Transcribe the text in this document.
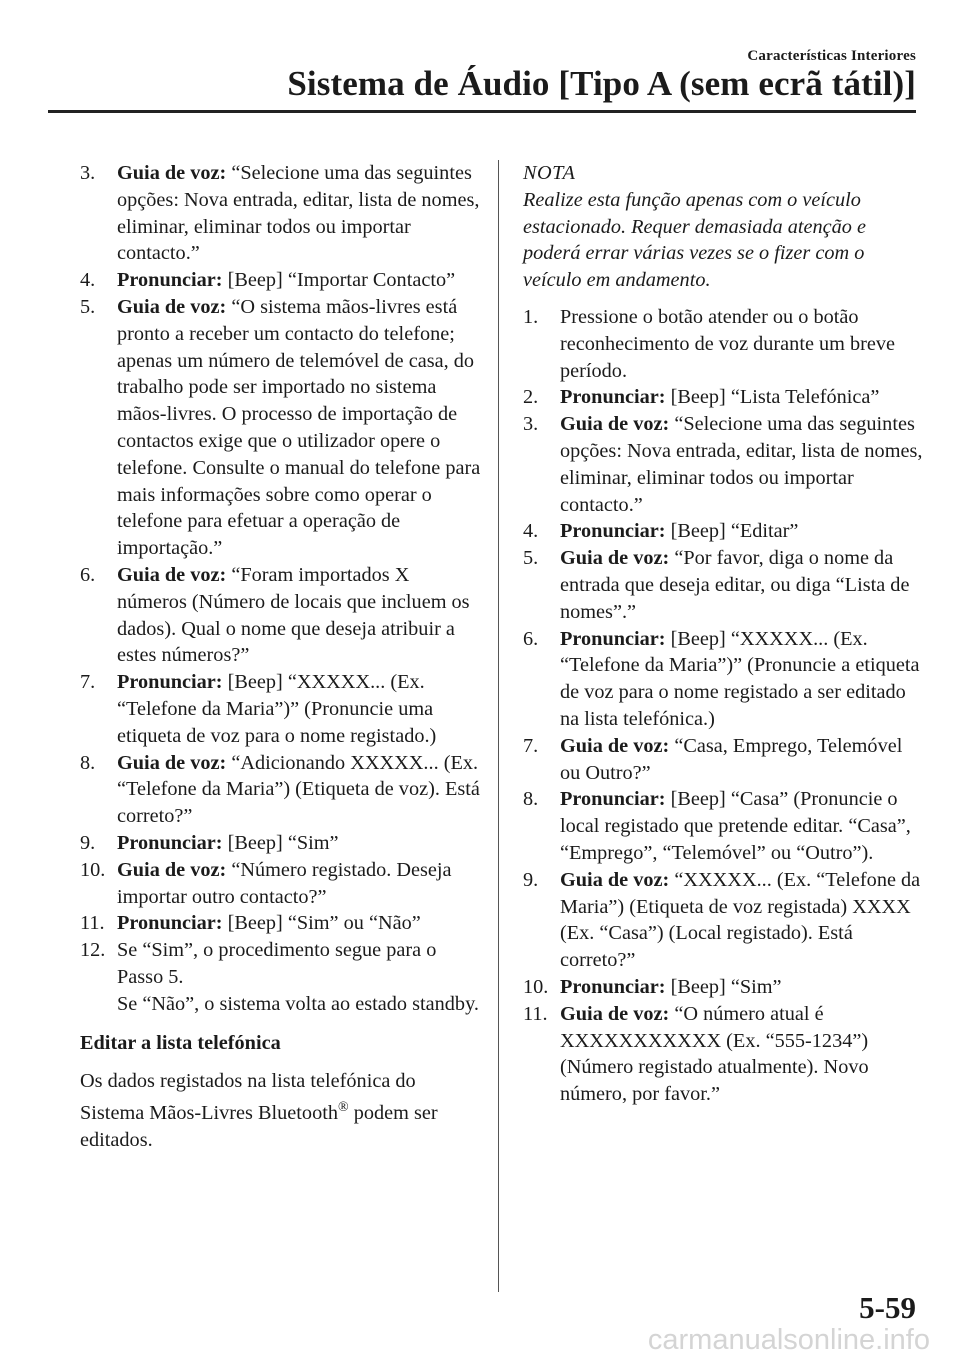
Características Interiores
Sistema de Áudio [Tipo A (sem ecrã tátil)]
3.	Guia de voz: “Selecione uma das seguintes opções: Nova entrada, editar, lista de nomes, eliminar, eliminar todos ou importar contacto.”
4.	Pronunciar: [Beep] “Importar Contacto”
5.	Guia de voz: “O sistema mãos-livres está pronto a receber um contacto do telefone; apenas um número de telemóvel de casa, do trabalho pode ser importado no sistema mãos-livres. O processo de importação de contactos exige que o utilizador opere o telefone. Consulte o manual do telefone para mais informações sobre como operar o telefone para efetuar a operação de importação.”
6.	Guia de voz: “Foram importados X números (Número de locais que incluem os dados). Qual o nome que deseja atribuir a estes números?”
7.	Pronunciar: [Beep] “XXXXX... (Ex. “Telefone da Maria”)” (Pronuncie uma etiqueta de voz para o nome registado.)
8.	Guia de voz: “Adicionando XXXXX... (Ex. “Telefone da Maria”) (Etiqueta de voz). Está correto?”
9.	Pronunciar: [Beep] “Sim”
10. Guia de voz: “Número registado. Deseja importar outro contacto?”
11. Pronunciar: [Beep] “Sim” ou “Não”
12. Se “Sim”, o procedimento segue para o Passo 5.
Se “Não”, o sistema volta ao estado standby.
Editar a lista telefónica
Os dados registados na lista telefónica do Sistema Mãos-Livres Bluetooth® podem ser editados.
NOTA
Realize esta função apenas com o veículo estacionado. Requer demasiada atenção e poderá errar várias vezes se o fizer com o veículo em andamento.
1.	Pressione o botão atender ou o botão reconhecimento de voz durante um breve período.
2.	Pronunciar: [Beep] “Lista Telefónica”
3.	Guia de voz: “Selecione uma das seguintes opções: Nova entrada, editar, lista de nomes, eliminar, eliminar todos ou importar contacto.”
4.	Pronunciar: [Beep] “Editar”
5.	Guia de voz: “Por favor, diga o nome da entrada que deseja editar, ou diga “Lista de nomes”.”
6.	Pronunciar: [Beep] “XXXXX... (Ex. “Telefone da Maria”)” (Pronuncie a etiqueta de voz para o nome registado a ser editado na lista telefónica.)
7.	Guia de voz: “Casa, Emprego, Telemóvel ou Outro?”
8.	Pronunciar: [Beep] “Casa” (Pronuncie o local registado que pretende editar. “Casa”, “Emprego”, “Telemóvel” ou “Outro”).
9.	Guia de voz: “XXXXX... (Ex. “Telefone da Maria”) (Etiqueta de voz registada) XXXX (Ex. “Casa”) (Local registado). Está correto?”
10. Pronunciar: [Beep] “Sim”
11. Guia de voz: “O número atual é XXXXXXXXXXX (Ex. “555-1234”) (Número registado atualmente). Novo número, por favor.”
5-59
carmanualsonline.info
